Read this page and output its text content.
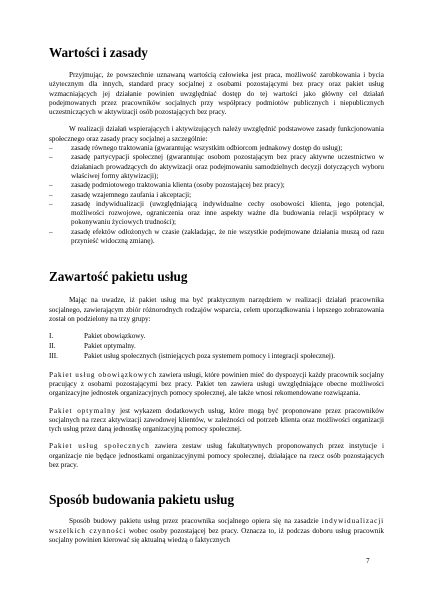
Wartości i zasady

Przyjmując, że powszechnie uznawaną wartością człowieka jest praca, możliwość zarobkowania i bycia użytecznym dla innych, standard pracy socjalnej z osobami pozostającymi bez pracy oraz pakiet usług wzmacniających jej działanie powinien uwzględniać dostęp do tej wartości jako główny cel działań podejmowanych przez pracowników socjalnych przy współpracy podmiotów publicznych i niepublicznych uczestniczących w aktywizacji osób pozostających bez pracy.

W realizacji działań wspierających i aktywizujących należy uwzględnić podstawowe zasady funkcjonowania społecznego oraz zasady pracy socjalnej a szczególnie:

–	zasadę równego traktowania (gwarantując wszystkim odbiorcom jednakowy dostęp do usług);
–	zasadę partycypacji społecznej (gwarantując osobom pozostającym bez pracy aktywne uczestnictwo w działaniach prowadzących do aktywizacji oraz podejmowaniu samodzielnych decyzji dotyczących wyboru właściwej formy aktywizacji);
–	zasadę podmiotowego traktowania klienta (osoby pozostającej bez pracy);
–	zasadę wzajemnego zaufania i akceptacji;
–	zasadę indywidualizacji (uwzględniającą indywidualne cechy osobowości klienta, jego potencjał, możliwości rozwojowe, ograniczenia oraz inne aspekty ważne dla budowania relacji współpracy w pokonywaniu życiowych trudności);
–	zasadę efektów odłożonych w czasie (zakładając, że nie wszystkie podejmowane działania muszą od razu przynieść widoczną zmianę).
Zawartość pakietu usług

Mając na uwadze, iż pakiet usług ma być praktycznym narzędziem w realizacji działań pracownika socjalnego, zawierającym zbiór różnorodnych rodzajów wsparcia, celem uporządkowania i lepszego zobrazowania został on podzielony na trzy grupy:

I.	Pakiet obowiązkowy.
II.	Pakiet optymalny.
III.	Pakiet usług społecznych (istniejących poza systemem pomocy i integracji społecznej).

Pakiet usług obowiązkowych zawiera usługi, które powinien mieć do dyspozycji każdy pracownik socjalny pracujący z osobami pozostającymi bez pracy. Pakiet ten zawiera usługi uwzględniające obecne możliwości organizacyjne jednostek organizacyjnych pomocy społecznej, ale także wnosi rekomendowane rozwiązania.

Pakiet optymalny jest wykazem dodatkowych usług, które mogą być proponowane przez pracowników socjalnych na rzecz aktywizacji zawodowej klientów, w zależności od potrzeb klienta oraz możliwości organizacji tych usług przez daną jednostkę organizacyjną pomocy społecznej.

Pakiet usług społecznych zawiera zestaw usług fakultatywnych proponowanych przez instytucje i organizacje nie będące jednostkami organizacyjnymi pomocy społecznej, działające na rzecz osób pozostających bez pracy.

Sposób budowania pakietu usług

Sposób budowy pakietu usług przez pracownika socjalnego opiera się na zasadzie indywidualizacji wszelkich czynności wobec osoby pozostającej bez pracy. Oznacza to, iż podczas doboru usług pracownik socjalny powinien kierować się aktualną wiedzą o faktycznych

7
